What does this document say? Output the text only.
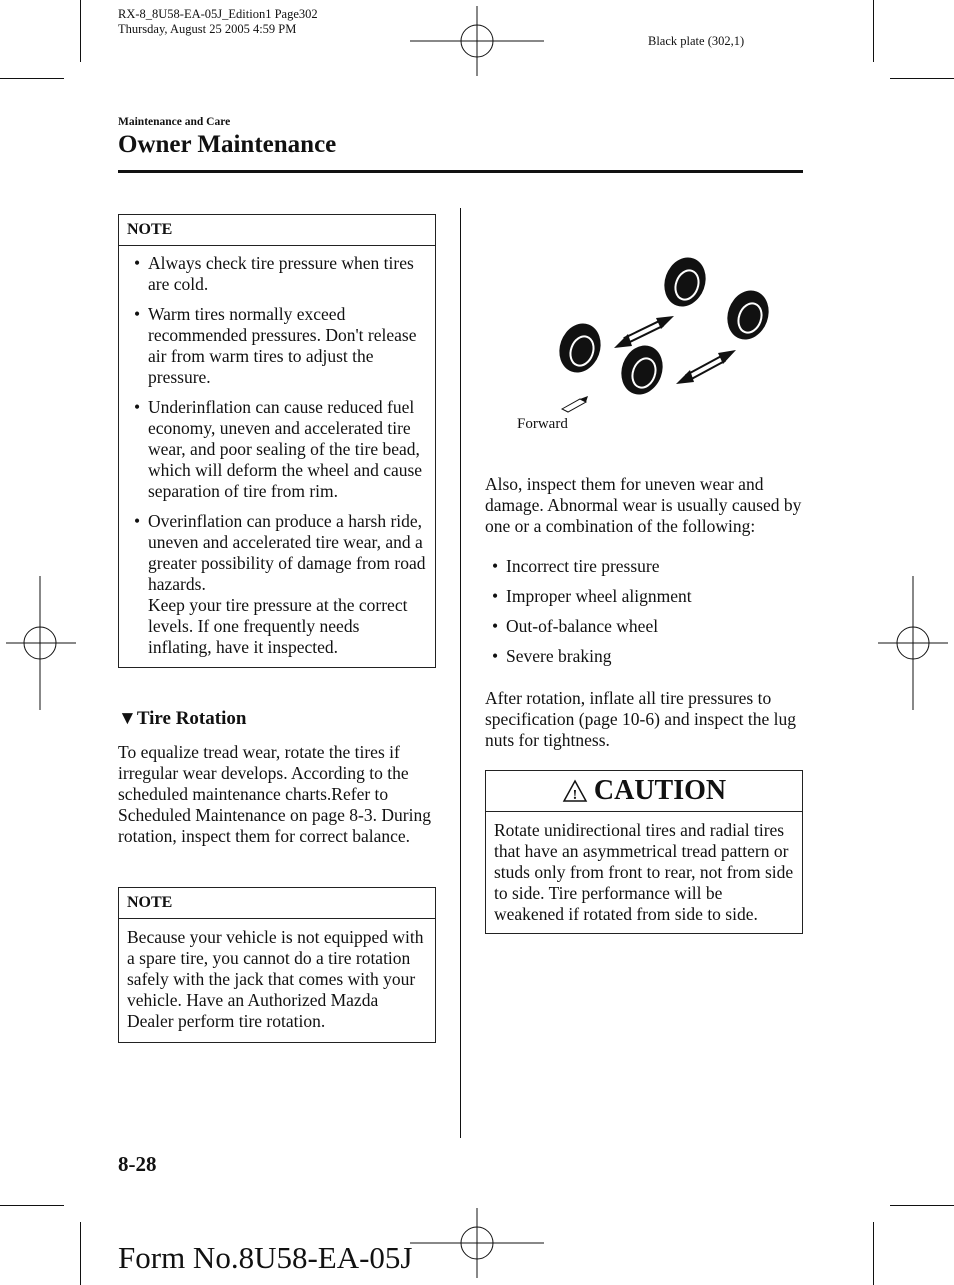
RX-8_8U58-EA-05J_Edition1 Page302
Thursday, August 25 2005 4:59 PM
Black plate (302,1)
Maintenance and Care
Owner Maintenance
NOTE
• Always check tire pressure when tires are cold.
• Warm tires normally exceed recommended pressures. Don't release air from warm tires to adjust the pressure.
• Underinflation can cause reduced fuel economy, uneven and accelerated tire wear, and poor sealing of the tire bead, which will deform the wheel and cause separation of tire from rim.
• Overinflation can produce a harsh ride, uneven and accelerated tire wear, and a greater possibility of damage from road hazards.
Keep your tire pressure at the correct levels. If one frequently needs inflating, have it inspected.
▼Tire Rotation
To equalize tread wear, rotate the tires if irregular wear develops. According to the scheduled maintenance charts.Refer to Scheduled Maintenance on page 8-3. During rotation, inspect them for correct balance.
NOTE
Because your vehicle is not equipped with a spare tire, you cannot do a tire rotation safely with the jack that comes with your vehicle. Have an Authorized Mazda Dealer perform tire rotation.
Forward
Also, inspect them for uneven wear and damage. Abnormal wear is usually caused by one or a combination of the following:
• Incorrect tire pressure
• Improper wheel alignment
• Out-of-balance wheel
• Severe braking
After rotation, inflate all tire pressures to specification (page 10-6) and inspect the lug nuts for tightness.
! CAUTION
Rotate unidirectional tires and radial tires that have an asymmetrical tread pattern or studs only from front to rear, not from side to side. Tire performance will be weakened if rotated from side to side.
8-28
Form No.8U58-EA-05J
